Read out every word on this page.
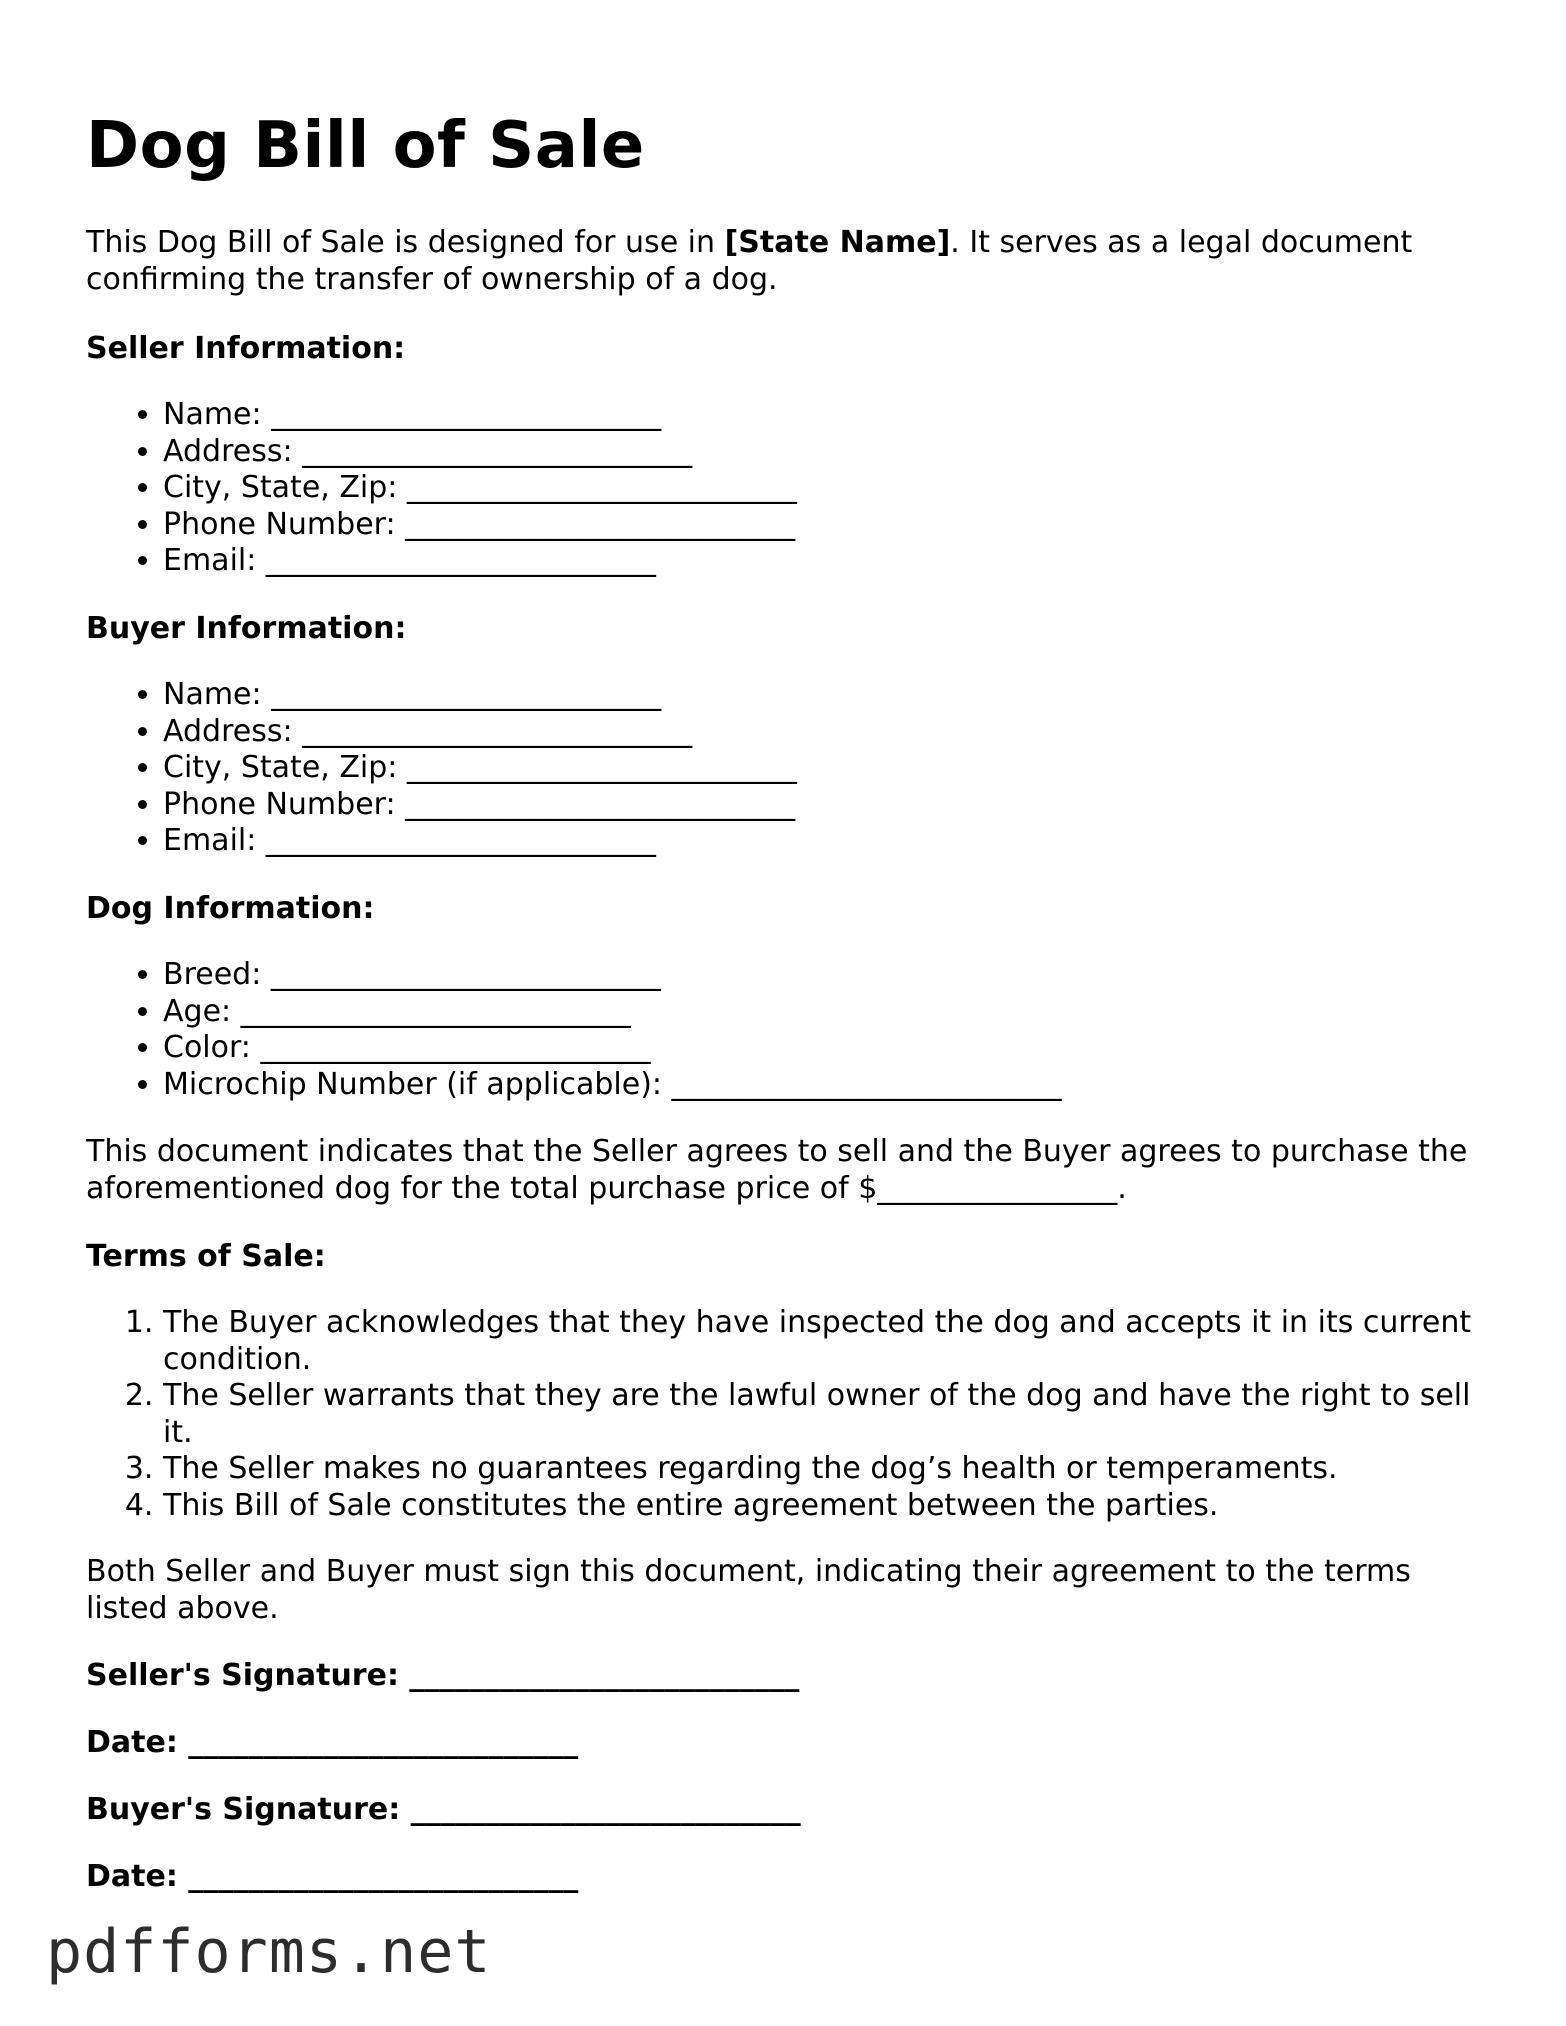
Dog Bill of Sale

This Dog Bill of Sale is designed for use in [State Name]. It serves as a legal document confirming the transfer of ownership of a dog.

Seller Information:

• Name: __________________________
• Address: __________________________
• City, State, Zip: __________________________
• Phone Number: __________________________
• Email: __________________________

Buyer Information:

• Name: __________________________
• Address: __________________________
• City, State, Zip: __________________________
• Phone Number: __________________________
• Email: __________________________

Dog Information:

• Breed: __________________________
• Age: __________________________
• Color: __________________________
• Microchip Number (if applicable): __________________________

This document indicates that the Seller agrees to sell and the Buyer agrees to purchase the aforementioned dog for the total purchase price of $________________.

Terms of Sale:

1. The Buyer acknowledges that they have inspected the dog and accepts it in its current condition.
2. The Seller warrants that they are the lawful owner of the dog and have the right to sell it.
3. The Seller makes no guarantees regarding the dog’s health or temperaments.
4. This Bill of Sale constitutes the entire agreement between the parties.

Both Seller and Buyer must sign this document, indicating their agreement to the terms listed above.

Seller's Signature: __________________________

Date: __________________________

Buyer's Signature: __________________________

Date: __________________________

pdfforms.net
